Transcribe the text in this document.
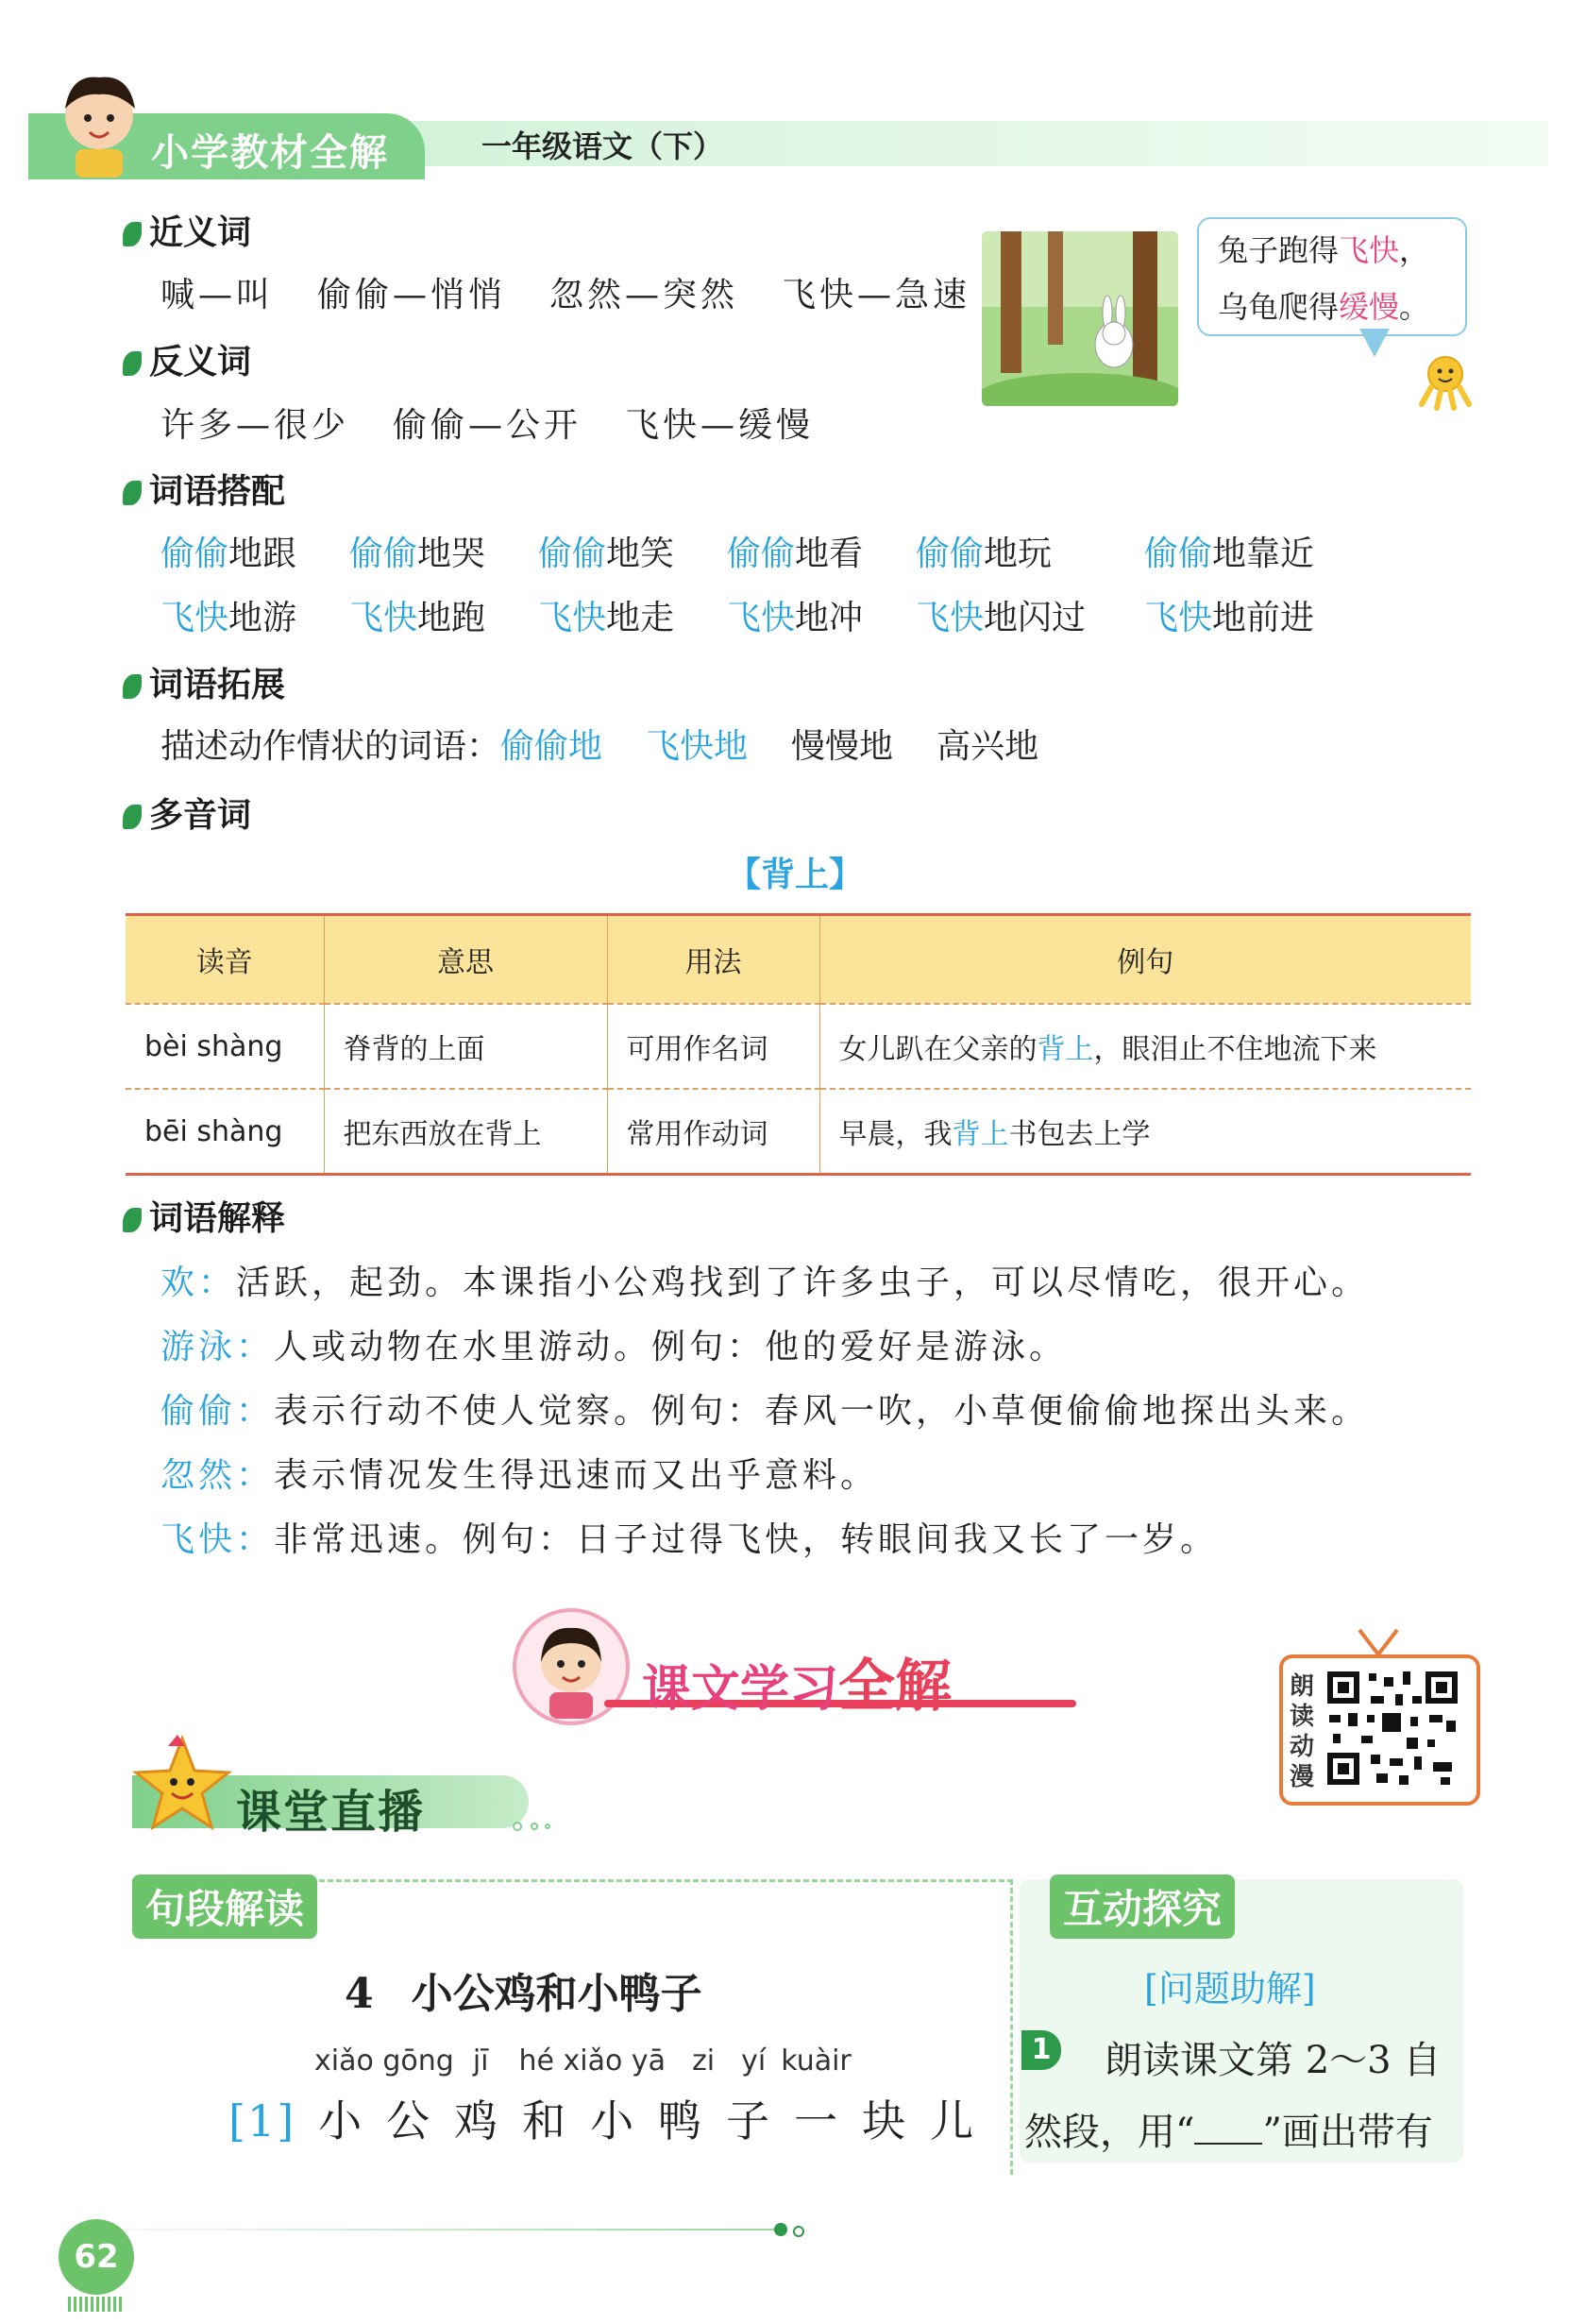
小学教材全解	一年级语文（下）
近义词
喊—叫 偷偷—悄悄 忽然—突然 飞快—急速
兔子跑得飞快，
乌龟爬得缓慢。
反义词
许多—很少 偷偷—公开 飞快—缓慢
词语搭配
偷偷地跟 偷偷地哭 偷偷地笑 偷偷地看 偷偷地玩	偷偷地靠近
飞快地游 飞快地跑 飞快地走 飞快地冲 飞快地闪过 飞快地前进
词语拓展
描述动作情状的词语：偷偷地 飞快地 慢慢地 高兴地
多音词
【背上】
读音	意思	用法	例句
bèi shàng	脊背的上面	可用作名词	女儿趴在父亲的背上，眼泪止不住地流下来
bēi shàng	把东西放在背上	常用作动词	早晨，我背上书包去上学
词语解释
欢：活跃，起劲。本课指小公鸡找到了许多虫子，可以尽情吃，很开心。
游泳：人或动物在水里游动。例句：他的爱好是游泳。
偷偷：表示行动不使人觉察。例句：春风一吹，小草便偷偷地探出头来。
忽然：表示情况发生得迅速而又出乎意料。
飞快：非常迅速。例句：日子过得飞快，转眼间我又长了一岁。
课文学习全解	朗
读
动
漫
课堂直播
句段解读
4 小公鸡和小鸭子
xiǎo gōng jī hé xiǎo yā zi yí kuàir
[1] 小公鸡和小鸭子一块儿
互动探究
[问题助解]
1 朗读课文第 2～3 自
然段，用“ ”画出带有
62
